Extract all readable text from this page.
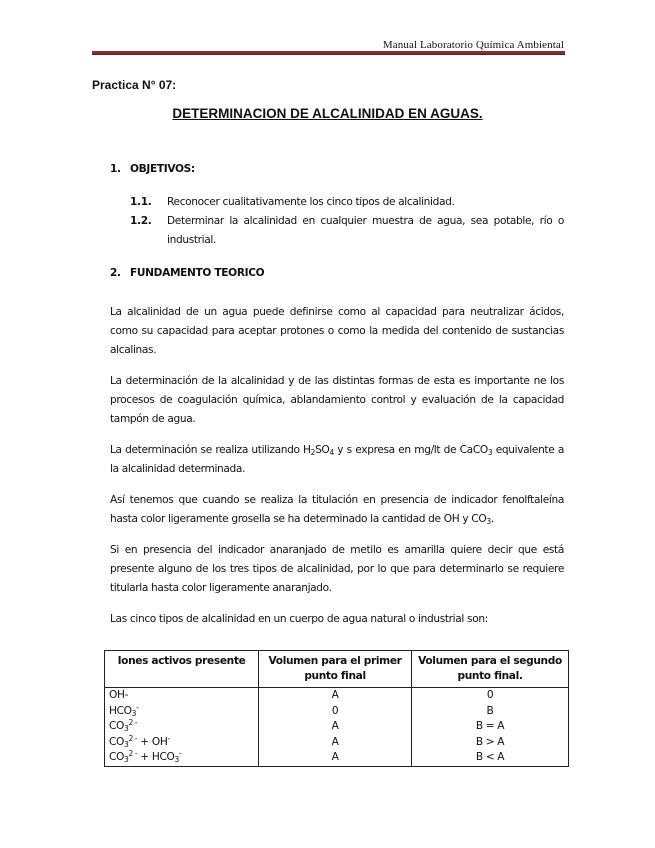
Manual Laboratorio Química Ambiental
Practica N° 07:
DETERMINACION DE ALCALINIDAD EN AGUAS.

1. OBJETIVOS:

1.1.	Reconocer cualitativamente los cinco tipos de alcalinidad.
1.2.	Determinar la alcalinidad en cualquier muestra de agua, sea potable, río o industrial.

2. FUNDAMENTO TEORICO

La alcalinidad de un agua puede definirse como al capacidad para neutralizar ácidos, como su capacidad para aceptar protones o como la medida del contenido de sustancias alcalinas.

La determinación de la alcalinidad y de las distintas formas de esta es importante ne los procesos de coagulación química, ablandamiento control y evaluación de la capacidad tampón de agua.

La determinación se realiza utilizando $H_2SO_4$ y s expresa en mg/lt de CaCO$_3$ equivalente a la alcalinidad determinada.

Así tenemos que cuando se realiza la titulación en presencia de indicador fenolftaleína hasta color ligeramente grosella se ha determinado la cantidad de OH y $CO_3$.

Si en presencia del indicador anaranjado de metilo es amarilla quiere decir que está presente alguno de los tres tipos de alcalinidad, por lo que para determinarlo se requiere titularla hasta color ligeramente anaranjado.

Las cinco tipos de alcalinidad en un cuerpo de agua natural o industrial son:

Iones activos presente	Volumen para el primer punto final	Volumen para el segundo punto final.
OH-	A	0
$HCO_3^-$	0	B
$CO_3^{2 -}$	A	B = A
$CO_3^{2 -} + OH^-$	A	B > A
$CO_3^{2 -} + HCO_3^-$	A	B < A
